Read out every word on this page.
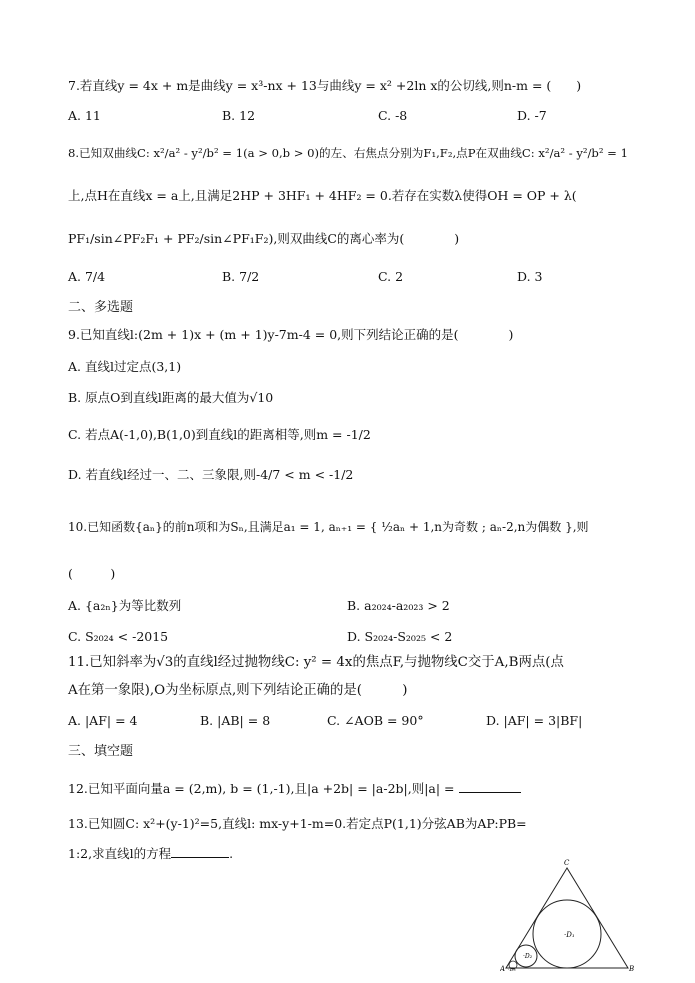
7.若直线y = 4x + m是曲线y = x³-nx + 13与曲线y = x² +2ln x的公切线,则n-m = (　　)
A. 11	B. 12	C. -8	D. -7
8.已知双曲线C: x²/a² - y²/b² = 1(a > 0,b > 0)的左、右焦点分别为F₁,F₂,点P在双曲线C: x²/a² - y²/b² = 1
上,点H在直线x = a上,且满足2HP + 3HF₁ + 4HF₂ = 0.若存在实数λ使得OH = OP + λ(
PF₁/sin∠PF₂F₁ + PF₂/sin∠PF₁F₂),则双曲线C的离心率为(　　　　)
A. 7/4	B. 7/2	C. 2	D. 3
二、多选题
9.已知直线l:(2m + 1)x + (m + 1)y-7m-4 = 0,则下列结论正确的是(　　　　)
A. 直线l过定点(3,1)
B. 原点O到直线l距离的最大值为√10
C. 若点A(-1,0),B(1,0)到直线l的距离相等,则m = -1/2
D. 若直线l经过一、二、三象限,则-4/7 < m < -1/2
10.已知函数{aₙ}的前n项和为Sₙ,且满足a₁ = 1, aₙ₊₁ = { ½aₙ + 1,n为奇数 ; aₙ-2,n为偶数 },则
(　　　)
A. {a₂ₙ}为等比数列	B. a₂₀₂₄-a₂₀₂₃ > 2
C. S₂₀₂₄ < -2015	D. S₂₀₂₄-S₂₀₂₅ < 2
11.已知斜率为√3的直线l经过抛物线C: y² = 4x的焦点F,与抛物线C交于A,B两点(点
A在第一象限),O为坐标原点,则下列结论正确的是(　　　)
A. |AF| = 4	B. |AB| = 8	C. ∠AOB = 90°	D. |AF| = 3|BF|
三、填空题
12.已知平面向量a = (2,m), b = (1,-1),且|a +2b| = |a-2b|,则|a| =
13.已知圆C: x²+(y-1)²=5,直线l: mx-y+1-m=0.若定点P(1,1)分弦AB为AP:PB=
1:2,求直线l的方程	.
C
A	B
·D₁
·D₂
·D₃
